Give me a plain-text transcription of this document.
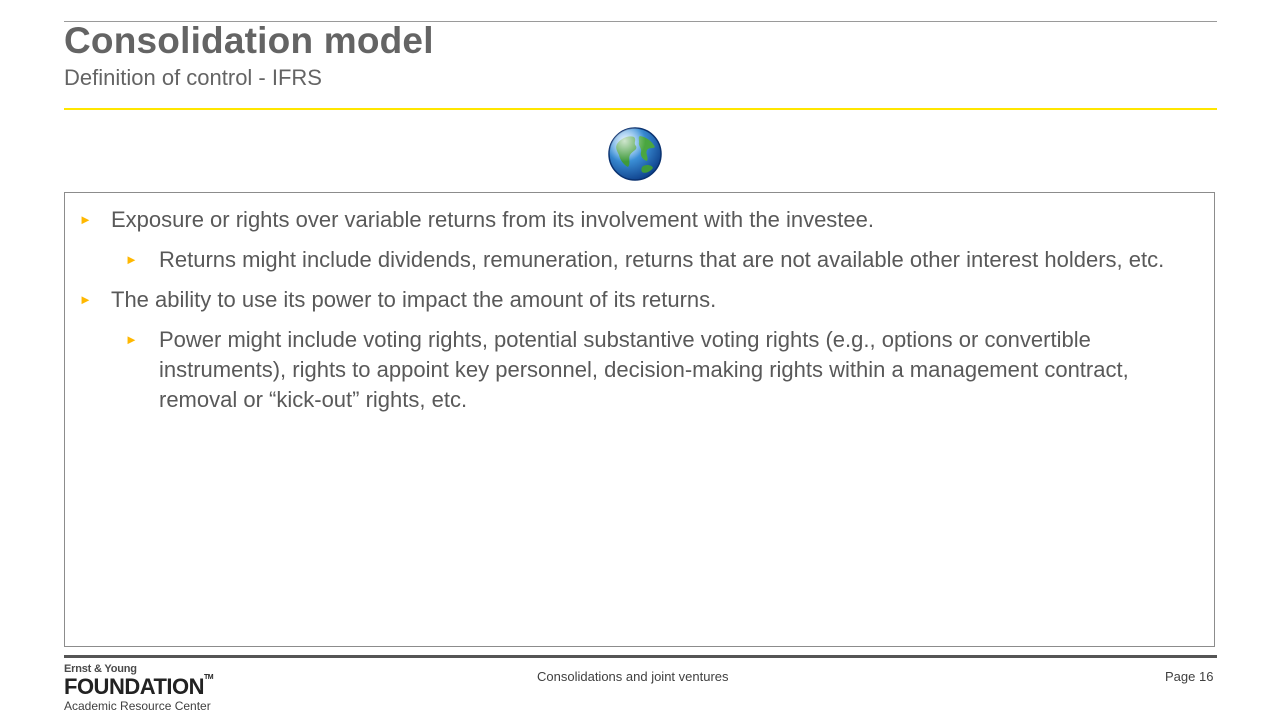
Consolidation model
Definition of control - IFRS
► Exposure or rights over variable returns from its involvement with the investee.
► Returns might include dividends, remuneration, returns that are not available other interest holders, etc.
► The ability to use its power to impact the amount of its returns.
► Power might include voting rights, potential substantive voting rights (e.g., options or convertible instruments), rights to appoint key personnel, decision-making rights within a management contract, removal or “kick-out” rights, etc.
Ernst & Young
FOUNDATION™
Academic Resource Center
Consolidations and joint ventures	Page 16
